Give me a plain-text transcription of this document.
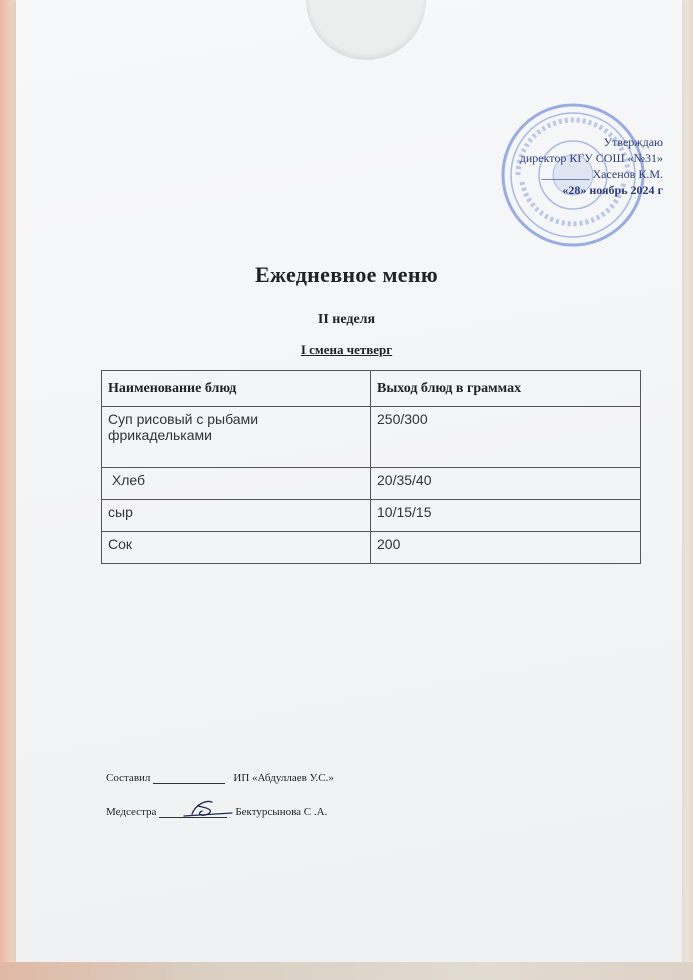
Утверждаю
директор КГУ СОШ «№31»
________ Хасенов К.М.
«28» ноябрь 2024 г
Ежедневное меню
II неделя
I смена четверг
Наименование блюд	Выход блюд в граммах
Суп рисовый с рыбами фрикадельками	250/300
Хлеб	20/35/40
сыр	10/15/15
Сок	200
Составил	ИП «Абдуллаев У.С.»
Медсестра	Бектурсынова С .А.
